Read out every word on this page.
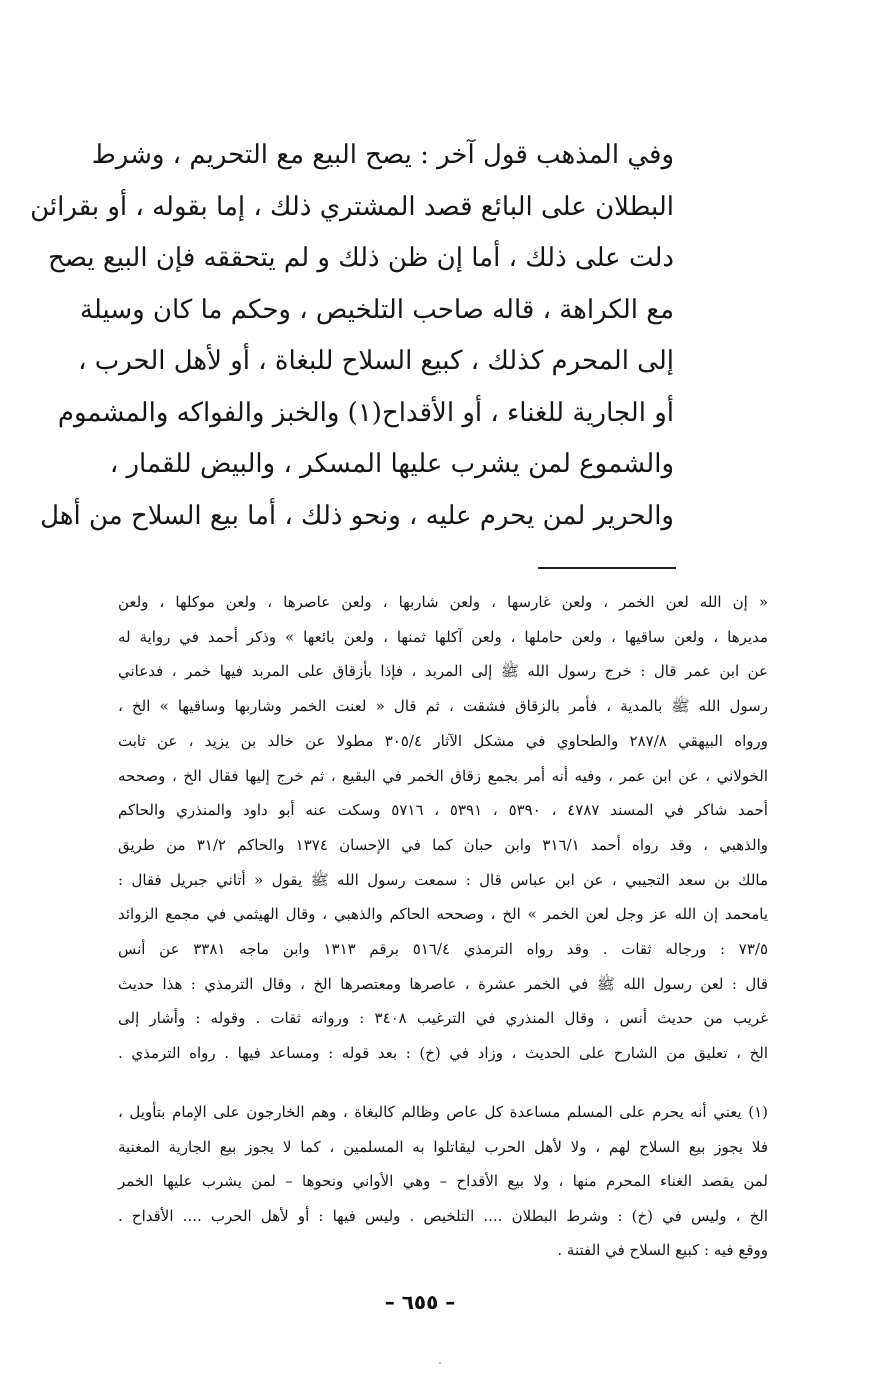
وفي المذهب قول آخر : يصح البيع مع التحريم ، وشرط
البطلان على البائع قصد المشتري ذلك ، إما بقوله ، أو بقرائن
دلت على ذلك ، أما إن ظن ذلك و لم يتحققه فإن البيع يصح
مع الكراهة ، قاله صاحب التلخيص ، وحكم ما كان وسيلة
إلى المحرم كذلك ، كبيع السلاح للبغاة ، أو لأهل الحرب ،
أو الجارية للغناء ، أو الأقداح(١) والخبز والفواكه والمشموم
والشموع لمن يشرب عليها المسكر ، والبيض للقمار ،
والحرير لمن يحرم عليه ، ونحو ذلك ، أما بيع السلاح من أهل
« إن الله لعن الخمر ، ولعن غارسها ، ولعن شاربها ، ولعن عاصرها ، ولعن موكلها ، ولعن
مديرها ، ولعن ساقيها ، ولعن حاملها ، ولعن آكلها ثمنها ، ولعن بائعها » وذكر أحمد في رواية له
عن ابن عمر قال : خرج رسول الله ﷺ إلى المربد ، فإذا بأزقاق على المربد فيها خمر ، فدعاني
رسول الله ﷺ بالمدية ، فأمر بالزقاق فشقت ، ثم قال « لعنت الخمر وشاربها وساقيها » الخ ،
ورواه البيهقي ٢٨٧/٨ والطحاوي في مشكل الآثار ٣٠٥/٤ مطولا عن خالد بن يزيد ، عن ثابت
الخولاني ، عن ابن عمر ، وفيه أنه أمر بجمع زقاق الخمر في البقيع ، ثم خرج إليها فقال الخ ، وصححه
أحمد شاكر في المسند ٤٧٨٧ ، ٥٣٩٠ ، ٥٣٩١ ، ٥٧١٦ وسكت عنه أبو داود والمنذري والحاكم
والذهبي ، وقد رواه أحمد ٣١٦/١ وابن حبان كما في الإحسان ١٣٧٤ والحاكم ٣١/٢ من طريق
مالك بن سعد التجيبي ، عن ابن عباس قال : سمعت رسول الله ﷺ يقول « أتاني جبريل فقال :
يامحمد إن الله عز وجل لعن الخمر » الخ ، وصححه الحاكم والذهبي ، وقال الهيثمي في مجمع الزوائد
٧٣/٥ : ورجاله ثقات . وقد رواه الترمذي ٥١٦/٤ برقم ١٣١٣ وابن ماجه ٣٣٨١ عن أنس
قال : لعن رسول الله ﷺ في الخمر عشرة ، عاصرها ومعتصرها الخ ، وقال الترمذي : هذا حديث
غريب من حديث أنس ، وقال المنذري في الترغيب ٣٤٠٨ : ورواته ثقات . وقوله : وأشار إلى
الخ ، تعليق من الشارح على الحديث ، وزاد في (خ) : بعد قوله : ومساعد فيها . رواه الترمذي .
(١) يعني أنه يحرم على المسلم مساعدة كل عاص وظالم كالبغاة ، وهم الخارجون على الإمام بتأويل ،
فلا يجوز بيع السلاح لهم ، ولا لأهل الحرب ليقاتلوا به المسلمين ، كما لا يجوز بيع الجارية المغنية
لمن يقصد الغناء المحرم منها ، ولا بيع الأقداح – وهي الأواني ونحوها – لمن يشرب عليها الخمر
الخ ، وليس في (خ) : وشرط البطلان .... التلخيص . وليس فيها : أو لأهل الحرب .... الأقداح .
ووقع فيه : كبيع السلاح في الفتنة .
– ٦٥٥ –
